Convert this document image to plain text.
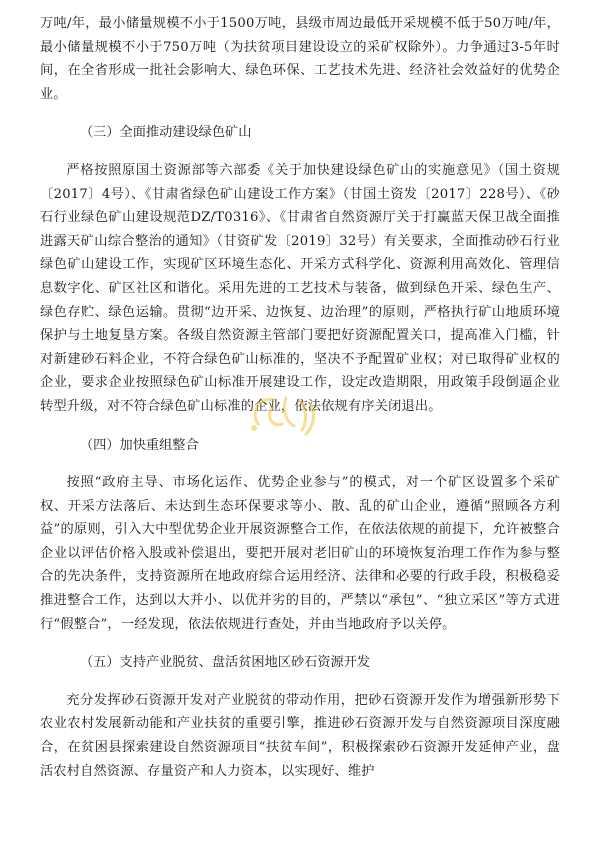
万吨/年，最小储量规模不小于1500万吨，县级市周边最低开采规模不低于50万吨/年，最小储量规模不小于750万吨（为扶贫项目建设设立的采矿权除外）。力争通过3-5年时间，在全省形成一批社会影响大、绿色环保、工艺技术先进、经济社会效益好的优势企业。

（三）全面推动建设绿色矿山

严格按照原国土资源部等六部委《关于加快建设绿色矿山的实施意见》（国土资规〔2017〕4号）、《甘肃省绿色矿山建设工作方案》（甘国土资发〔2017〕228号）、《砂石行业绿色矿山建设规范DZ/T0316》、《甘肃省自然资源厅关于打赢蓝天保卫战全面推进露天矿山综合整治的通知》（甘资矿发〔2019〕32号）有关要求，全面推动砂石行业绿色矿山建设工作，实现矿区环境生态化、开采方式科学化、资源利用高效化、管理信息数字化、矿区社区和谐化。采用先进的工艺技术与装备，做到绿色开采、绿色生产、绿色存贮、绿色运输。贯彻“边开采、边恢复、边治理”的原则，严格执行矿山地质环境保护与土地复垦方案。各级自然资源主管部门要把好资源配置关口，提高准入门槛，针对新建砂石料企业，不符合绿色矿山标准的，坚决不予配置矿业权；对已取得矿业权的企业，要求企业按照绿色矿山标准开展建设工作，设定改造期限，用政策手段倒逼企业转型升级，对不符合绿色矿山标准的企业，依法依规有序关闭退出。

（四）加快重组整合

按照“政府主导、市场化运作、优势企业参与”的模式，对一个矿区设置多个采矿权、开采方法落后、未达到生态环保要求等小、散、乱的矿山企业，遵循“照顾各方利益”的原则，引入大中型优势企业开展资源整合工作，在依法依规的前提下，允许被整合企业以评估价格入股或补偿退出，要把开展对老旧矿山的环境恢复治理工作作为参与整合的先决条件，支持资源所在地政府综合运用经济、法律和必要的行政手段，积极稳妥推进整合工作，达到以大并小、以优并劣的目的，严禁以“承包”、“独立采区”等方式进行“假整合”，一经发现，依法依规进行查处，并由当地政府予以关停。

（五）支持产业脱贫、盘活贫困地区砂石资源开发

充分发挥砂石资源开发对产业脱贫的带动作用，把砂石资源开发作为增强新形势下农业农村发展新动能和产业扶贫的重要引擎，推进砂石资源开发与自然资源项目深度融合，在贫困县探索建设自然资源项目“扶贫车间”，积极探索砂石资源开发延伸产业，盘活农村自然资源、存量资产和人力资本，以实现好、维护
